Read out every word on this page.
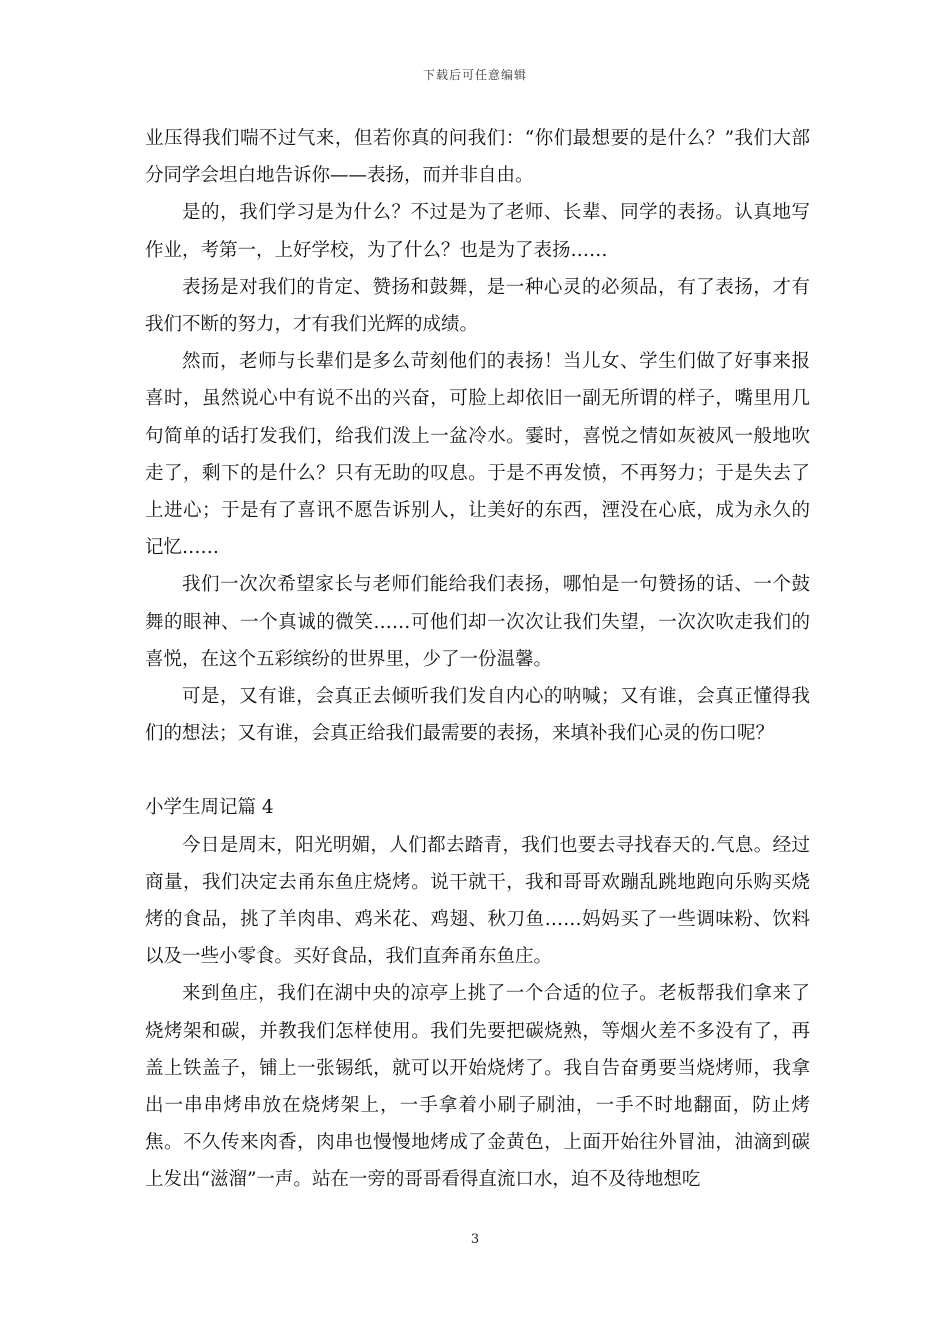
下载后可任意编辑

业压得我们喘不过气来，但若你真的问我们：“你们最想要的是什么？”我们大部分同学会坦白地告诉你——表扬，而并非自由。

是的，我们学习是为什么？不过是为了老师、长辈、同学的表扬。认真地写作业，考第一，上好学校，为了什么？也是为了表扬……

表扬是对我们的肯定、赞扬和鼓舞，是一种心灵的必须品，有了表扬，才有我们不断的努力，才有我们光辉的成绩。

然而，老师与长辈们是多么苛刻他们的表扬！当儿女、学生们做了好事来报喜时，虽然说心中有说不出的兴奋，可脸上却依旧一副无所谓的样子，嘴里用几句简单的话打发我们，给我们泼上一盆冷水。霎时，喜悦之情如灰被风一般地吹走了，剩下的是什么？只有无助的叹息。于是不再发愤，不再努力；于是失去了上进心；于是有了喜讯不愿告诉别人，让美好的东西，湮没在心底，成为永久的记忆……

我们一次次希望家长与老师们能给我们表扬，哪怕是一句赞扬的话、一个鼓舞的眼神、一个真诚的微笑……可他们却一次次让我们失望，一次次吹走我们的喜悦，在这个五彩缤纷的世界里，少了一份温馨。

可是，又有谁，会真正去倾听我们发自内心的呐喊；又有谁，会真正懂得我们的想法；又有谁，会真正给我们最需要的表扬，来填补我们心灵的伤口呢？

小学生周记篇 4

今日是周末，阳光明媚，人们都去踏青，我们也要去寻找春天的.气息。经过商量，我们决定去甬东鱼庄烧烤。说干就干，我和哥哥欢蹦乱跳地跑向乐购买烧烤的食品，挑了羊肉串、鸡米花、鸡翅、秋刀鱼……妈妈买了一些调味粉、饮料以及一些小零食。买好食品，我们直奔甬东鱼庄。

来到鱼庄，我们在湖中央的凉亭上挑了一个合适的位子。老板帮我们拿来了烧烤架和碳，并教我们怎样使用。我们先要把碳烧熟，等烟火差不多没有了，再盖上铁盖子，铺上一张锡纸，就可以开始烧烤了。我自告奋勇要当烧烤师，我拿出一串串烤串放在烧烤架上，一手拿着小刷子刷油，一手不时地翻面，防止烤焦。不久传来肉香，肉串也慢慢地烤成了金黄色，上面开始往外冒油，油滴到碳上发出“滋溜”一声。站在一旁的哥哥看得直流口水，迫不及待地想吃

3
